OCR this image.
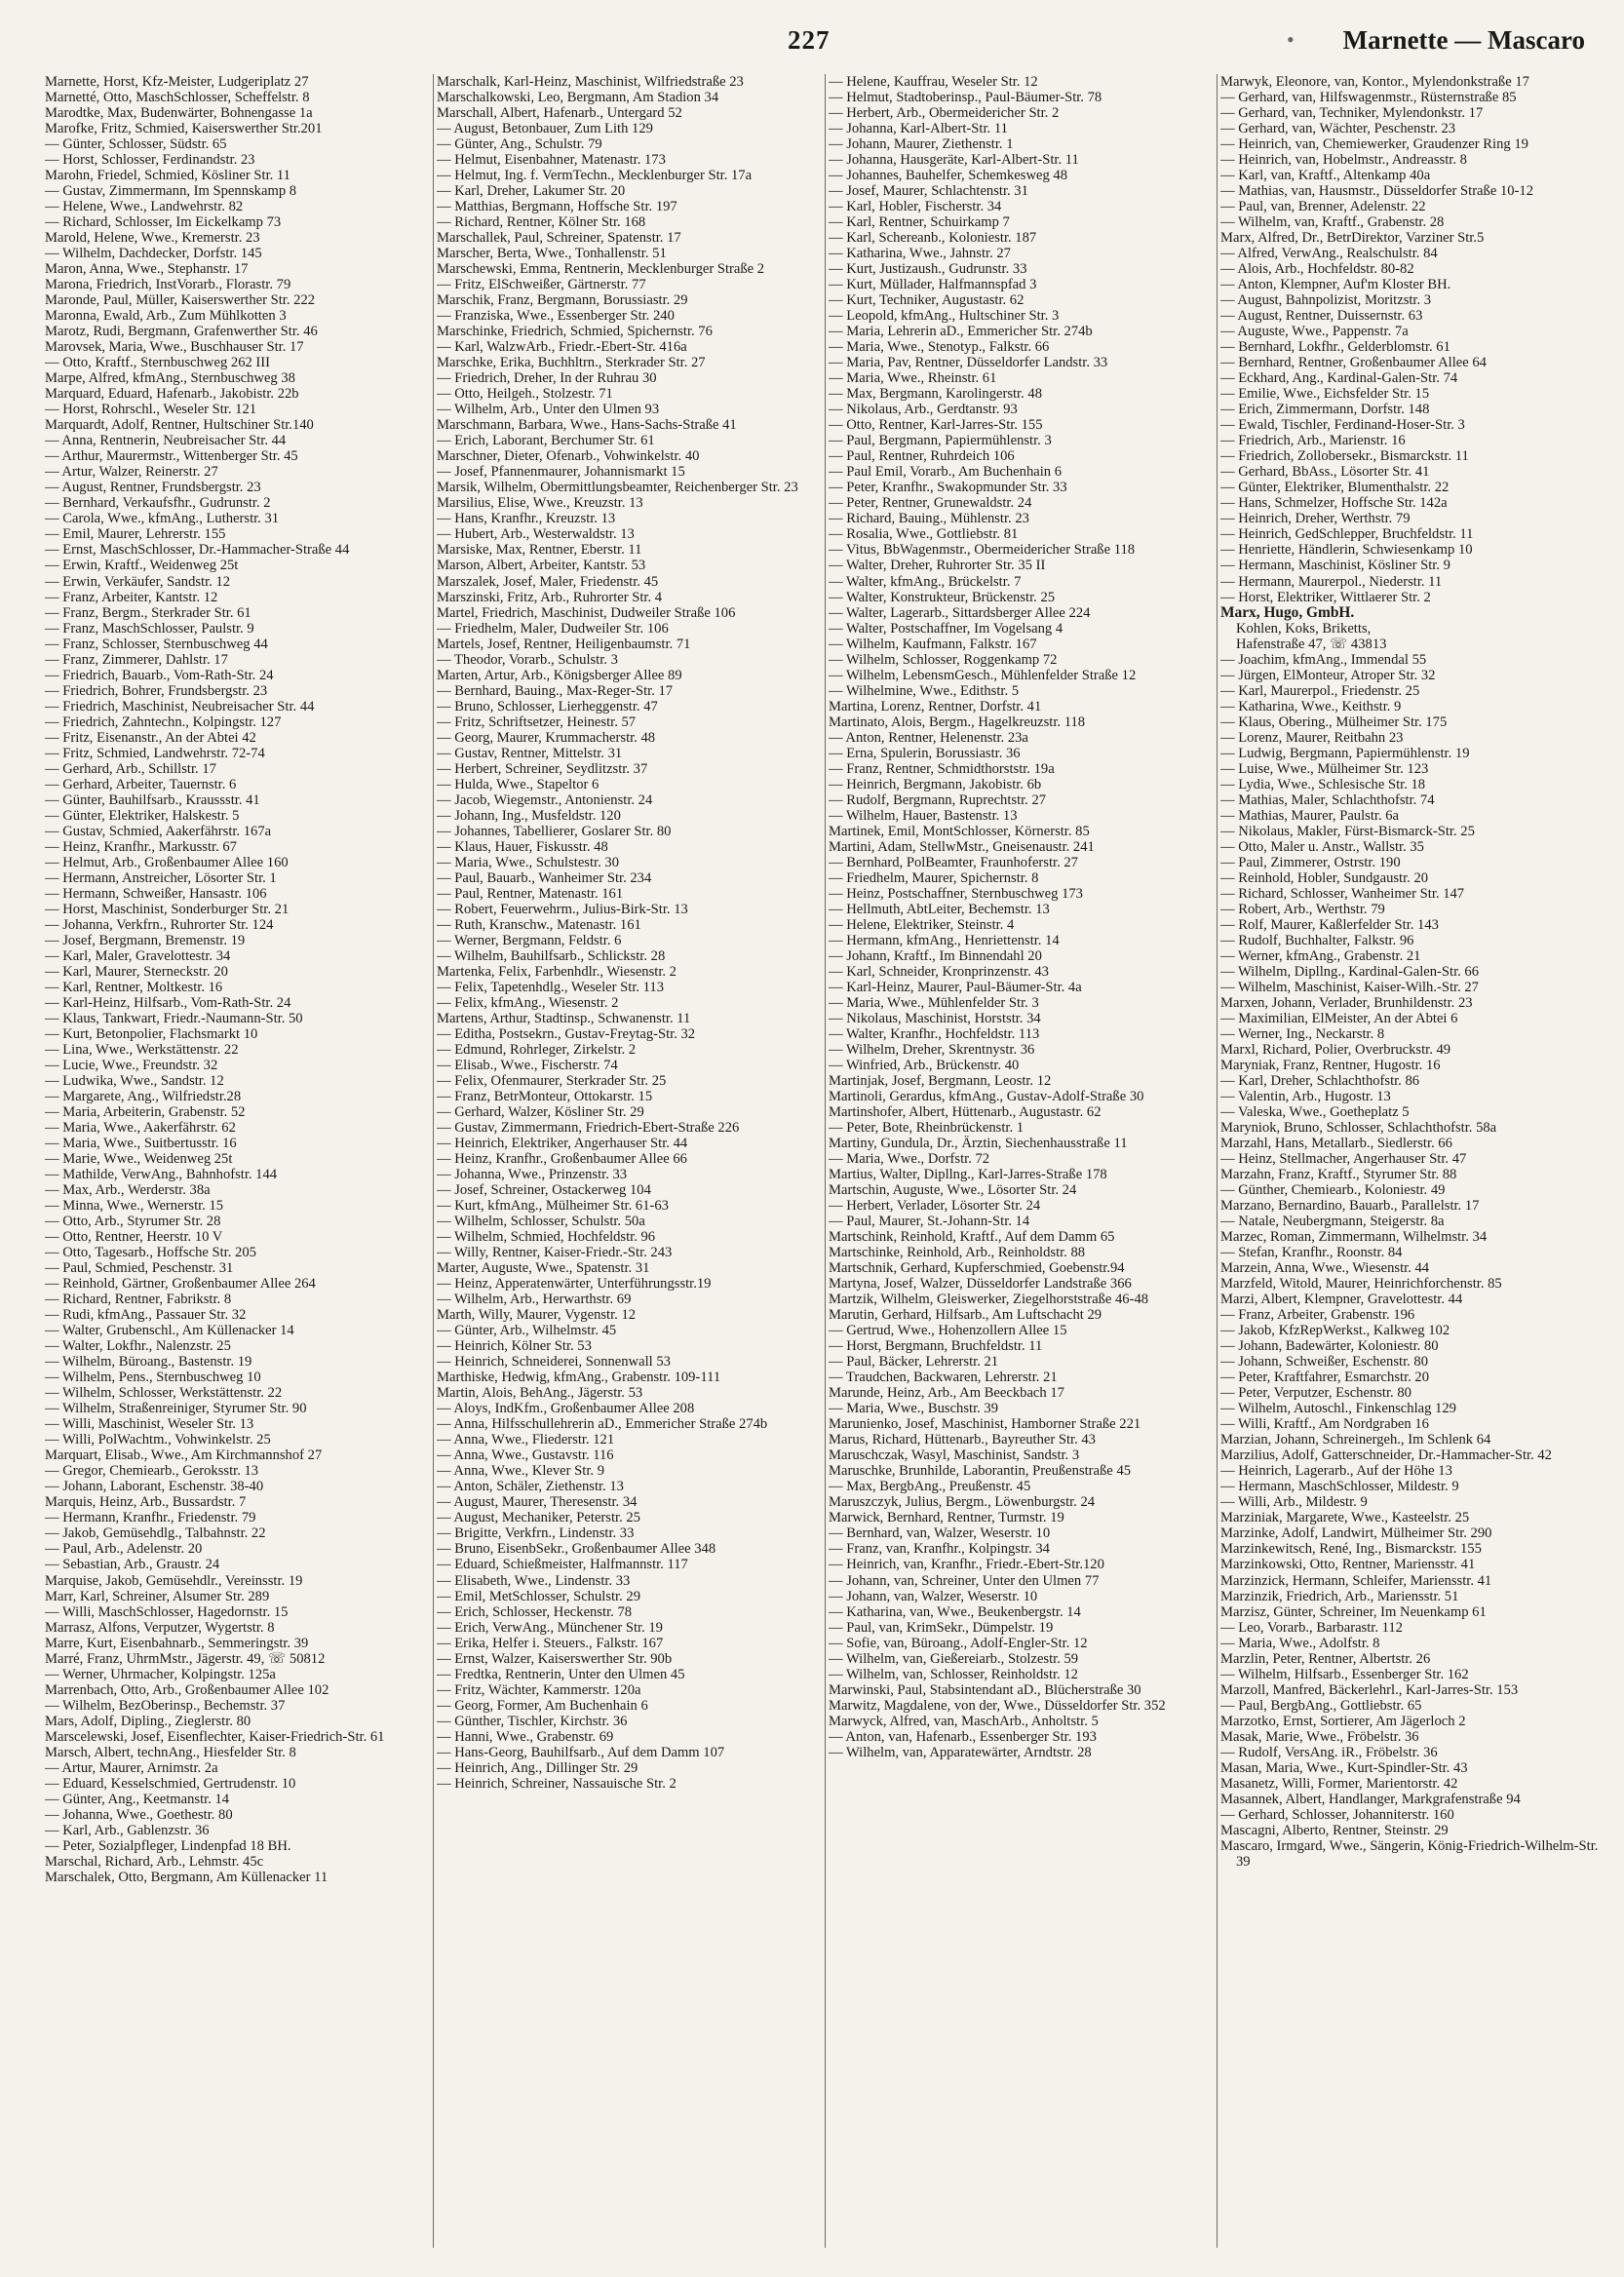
227	• Marnette — Mascaro

Marnette, Horst, Kfz-Meister, Ludgeriplatz 27

Marnetté, Otto, MaschSchlosser, Scheffelstr. 8

Marodtke, Max, Budenwärter, Bohnengasse 1a

Marofke, Fritz, Schmied, Kaiserswerther Str.201

— Günter, Schlosser, Südstr. 65

— Horst, Schlosser, Ferdinandstr. 23

Marohn, Friedel, Schmied, Kösliner Str. 11

— Gustav, Zimmermann, Im Spennskamp 8

— Helene, Wwe., Landwehrstr. 82

— Richard, Schlosser, Im Eickelkamp 73

Marold, Helene, Wwe., Kremerstr. 23

— Wilhelm, Dachdecker, Dorfstr. 145

Maron, Anna, Wwe., Stephanstr. 17

Marona, Friedrich, InstVorarb., Florastr. 79

Maronde, Paul, Müller, Kaiserswerther Str. 222

Maronna, Ewald, Arb., Zum Mühlkotten 3

Marotz, Rudi, Bergmann, Grafenwerther Str. 46

Marovsek, Maria, Wwe., Buschhauser Str. 17

— Otto, Kraftf., Sternbuschweg 262 III

Marpe, Alfred, kfmAng., Sternbuschweg 38

Marquard, Eduard, Hafenarb., Jakobistr. 22b

— Horst, Rohrschl., Weseler Str. 121

Marquardt, Adolf, Rentner, Hultschiner Str.140

— Anna, Rentnerin, Neubreisacher Str. 44

— Arthur, Maurermstr., Wittenberger Str. 45

— Artur, Walzer, Reinerstr. 27

— August, Rentner, Frundsbergstr. 23

— Bernhard, Verkaufsfhr., Gudrunstr. 2

— Carola, Wwe., kfmAng., Lutherstr. 31

— Emil, Maurer, Lehrerstr. 155

— Ernst, MaschSchlosser, Dr.-Hammacher-Straße 44

— Erwin, Kraftf., Weidenweg 25t

— Erwin, Verkäufer, Sandstr. 12

— Franz, Arbeiter, Kantstr. 12

— Franz, Bergm., Sterkrader Str. 61

— Franz, MaschSchlosser, Paulstr. 9

— Franz, Schlosser, Sternbuschweg 44

— Franz, Zimmerer, Dahlstr. 17

— Friedrich, Bauarb., Vom-Rath-Str. 24

— Friedrich, Bohrer, Frundsbergstr. 23

— Friedrich, Maschinist, Neubreisacher Str. 44

— Friedrich, Zahntechn., Kolpingstr. 127

— Fritz, Eisenanstr., An der Abtei 42

— Fritz, Schmied, Landwehrstr. 72-74

— Gerhard, Arb., Schillstr. 17

— Gerhard, Arbeiter, Tauernstr. 6

— Günter, Bauhilfsarb., Kraussstr. 41

— Günter, Elektriker, Halskestr. 5

— Gustav, Schmied, Aakerfährstr. 167a

— Heinz, Kranfhr., Markusstr. 67

— Helmut, Arb., Großenbaumer Allee 160

— Hermann, Anstreicher, Lösorter Str. 1

— Hermann, Schweißer, Hansastr. 106

— Horst, Maschinist, Sonderburger Str. 21

— Johanna, Verkfrn., Ruhrorter Str. 124

— Josef, Bergmann, Bremenstr. 19

— Karl, Maler, Gravelottestr. 34

— Karl, Maurer, Sterneckstr. 20

— Karl, Rentner, Moltkestr. 16

— Karl-Heinz, Hilfsarb., Vom-Rath-Str. 24

— Klaus, Tankwart, Friedr.-Naumann-Str. 50

— Kurt, Betonpolier, Flachsmarkt 10

— Lina, Wwe., Werkstättenstr. 22

— Lucie, Wwe., Freundstr. 32

— Ludwika, Wwe., Sandstr. 12

— Margarete, Ang., Wilfriedstr.28

— Maria, Arbeiterin, Grabenstr. 52

— Maria, Wwe., Aakerfährstr. 62

— Maria, Wwe., Suitbertusstr. 16

— Marie, Wwe., Weidenweg 25t

— Mathilde, VerwAng., Bahnhofstr. 144

— Max, Arb., Werderstr. 38a

— Minna, Wwe., Wernerstr. 15

— Otto, Arb., Styrumer Str. 28

— Otto, Rentner, Heerstr. 10 V

— Otto, Tagesarb., Hoffsche Str. 205

— Paul, Schmied, Peschenstr. 31

— Reinhold, Gärtner, Großenbaumer Allee 264

— Richard, Rentner, Fabrikstr. 8

— Rudi, kfmAng., Passauer Str. 32

— Walter, Grubenschl., Am Küllenacker 14

— Walter, Lokfhr., Nalenzstr. 25

— Wilhelm, Büroang., Bastenstr. 19

— Wilhelm, Pens., Sternbuschweg 10

— Wilhelm, Schlosser, Werkstättenstr. 22

— Wilhelm, Straßenreiniger, Styrumer Str. 90

— Willi, Maschinist, Weseler Str. 13

— Willi, PolWachtm., Vohwinkelstr. 25

Marquart, Elisab., Wwe., Am Kirchmannshof 27

— Gregor, Chemiearb., Geroksstr. 13

— Johann, Laborant, Eschenstr. 38-40

Marquis, Heinz, Arb., Bussardstr. 7

— Hermann, Kranfhr., Friedenstr. 79

— Jakob, Gemüsehdlg., Talbahnstr. 22

— Paul, Arb., Adelenstr. 20

— Sebastian, Arb., Graustr. 24

Marquise, Jakob, Gemüsehdlr., Vereinsstr. 19

Marr, Karl, Schreiner, Alsumer Str. 289

— Willi, MaschSchlosser, Hagedornstr. 15

Marrasz, Alfons, Verputzer, Wygertstr. 8

Marre, Kurt, Eisenbahnarb., Semmeringstr. 39

Marré, Franz, UhrmMstr., Jägerstr. 49, ☏ 50812

— Werner, Uhrmacher, Kolpingstr. 125a

Marrenbach, Otto, Arb., Großenbaumer Allee 102

— Wilhelm, BezOberinsp., Bechemstr. 37

Mars, Adolf, Dipling., Zieglerstr. 80

Marscelewski, Josef, Eisenflechter, Kaiser-Friedrich-Str. 61

Marsch, Albert, technAng., Hiesfelder Str. 8

— Artur, Maurer, Arnimstr. 2a

— Eduard, Kesselschmied, Gertrudenstr. 10

— Günter, Ang., Keetmanstr. 14

— Johanna, Wwe., Goethestr. 80

— Karl, Arb., Gablenzstr. 36

— Peter, Sozialpfleger, Lindenpfad 18 BH.

Marschal, Richard, Arb., Lehmstr. 45c

Marschalek, Otto, Bergmann, Am Küllenacker 11

Marschalk, Karl-Heinz, Maschinist, Wilfriedstraße 23

Marschalkowski, Leo, Bergmann, Am Stadion 34

Marschall, Albert, Hafenarb., Untergard 52

— August, Betonbauer, Zum Lith 129

— Günter, Ang., Schulstr. 79

— Helmut, Eisenbahner, Matenastr. 173

— Helmut, Ing. f. VermTechn., Mecklenburger Str. 17a

— Karl, Dreher, Lakumer Str. 20

— Matthias, Bergmann, Hoffsche Str. 197

— Richard, Rentner, Kölner Str. 168

Marschallek, Paul, Schreiner, Spatenstr. 17

Marscher, Berta, Wwe., Tonhallenstr. 51

Marschewski, Emma, Rentnerin, Mecklenburger Straße 2

— Fritz, ElSchweißer, Gärtnerstr. 77

Marschik, Franz, Bergmann, Borussiastr. 29

— Franziska, Wwe., Essenberger Str. 240

Marschinke, Friedrich, Schmied, Spichernstr. 76

— Karl, WalzwArb., Friedr.-Ebert-Str. 416a

Marschke, Erika, Buchhltrn., Sterkrader Str. 27

— Friedrich, Dreher, In der Ruhrau 30

— Otto, Heilgeh., Stolzestr. 71

— Wilhelm, Arb., Unter den Ulmen 93

Marschmann, Barbara, Wwe., Hans-Sachs-Straße 41

— Erich, Laborant, Berchumer Str. 61

Marschner, Dieter, Ofenarb., Vohwinkelstr. 40

— Josef, Pfannenmaurer, Johannismarkt 15

Marsik, Wilhelm, Obermittlungsbeamter, Reichenberger Str. 23

Marsilius, Elise, Wwe., Kreuzstr. 13

— Hans, Kranfhr., Kreuzstr. 13

— Hubert, Arb., Westerwaldstr. 13

Marsiske, Max, Rentner, Eberstr. 11

Marson, Albert, Arbeiter, Kantstr. 53

Marszalek, Josef, Maler, Friedenstr. 45

Marszinski, Fritz, Arb., Ruhrorter Str. 4

Martel, Friedrich, Maschinist, Dudweiler Straße 106

— Friedhelm, Maler, Dudweiler Str. 106

Martels, Josef, Rentner, Heiligenbaumstr. 71

— Theodor, Vorarb., Schulstr. 3

Marten, Artur, Arb., Königsberger Allee 89

— Bernhard, Bauing., Max-Reger-Str. 17

— Bruno, Schlosser, Lierheggenstr. 47

— Fritz, Schriftsetzer, Heinestr. 57

— Georg, Maurer, Krummacherstr. 48

— Gustav, Rentner, Mittelstr. 31

— Herbert, Schreiner, Seydlitzstr. 37

— Hulda, Wwe., Stapeltor 6

— Jacob, Wiegemstr., Antonienstr. 24

— Johann, Ing., Musfeldstr. 120

— Johannes, Tabellierer, Goslarer Str. 80

— Klaus, Hauer, Fiskusstr. 48

— Maria, Wwe., Schulstestr. 30

— Paul, Bauarb., Wanheimer Str. 234

— Paul, Rentner, Matenastr. 161

— Robert, Feuerwehrm., Julius-Birk-Str. 13

— Ruth, Kranschw., Matenastr. 161

— Werner, Bergmann, Feldstr. 6

— Wilhelm, Bauhilfsarb., Schlickstr. 28

Martenka, Felix, Farbenhdlr., Wiesenstr. 2

— Felix, Tapetenhdlg., Weseler Str. 113

— Felix, kfmAng., Wiesenstr. 2

Martens, Arthur, Stadtinsp., Schwanenstr. 11

— Editha, Postsekrn., Gustav-Freytag-Str. 32

— Edmund, Rohrleger, Zirkelstr. 2

— Elisab., Wwe., Fischerstr. 74

— Felix, Ofenmaurer, Sterkrader Str. 25

— Franz, BetrMonteur, Ottokarstr. 15

— Gerhard, Walzer, Kösliner Str. 29

— Gustav, Zimmermann, Friedrich-Ebert-Straße 226

— Heinrich, Elektriker, Angerhauser Str. 44

— Heinz, Kranfhr., Großenbaumer Allee 66

— Johanna, Wwe., Prinzenstr. 33

— Josef, Schreiner, Ostackerweg 104

— Kurt, kfmAng., Mülheimer Str. 61-63

— Wilhelm, Schlosser, Schulstr. 50a

— Wilhelm, Schmied, Hochfeldstr. 96

— Willy, Rentner, Kaiser-Friedr.-Str. 243

Marter, Auguste, Wwe., Spatenstr. 31

— Heinz, Apperatenwärter, Unterführungsstr.19

— Wilhelm, Arb., Herwarthstr. 69

Marth, Willy, Maurer, Vygenstr. 12

— Günter, Arb., Wilhelmstr. 45

— Heinrich, Kölner Str. 53

— Heinrich, Schneiderei, Sonnenwall 53

Marthiske, Hedwig, kfmAng., Grabenstr. 109-111

Martin, Alois, BehAng., Jägerstr. 53

— Aloys, IndKfm., Großenbaumer Allee 208

— Anna, Hilfsschullehrerin aD., Emmericher Straße 274b

— Anna, Wwe., Fliederstr. 121

— Anna, Wwe., Gustavstr. 116

— Anna, Wwe., Klever Str. 9

— Anton, Schäler, Ziethenstr. 13

— August, Maurer, Theresenstr. 34

— August, Mechaniker, Peterstr. 25

— Brigitte, Verkfrn., Lindenstr. 33

— Bruno, EisenbSekr., Großenbaumer Allee 348

— Eduard, Schießmeister, Halfmannstr. 117

— Elisabeth, Wwe., Lindenstr. 33

— Emil, MetSchlosser, Schulstr. 29

— Erich, Schlosser, Heckenstr. 78

— Erich, VerwAng., Münchener Str. 19

— Erika, Helfer i. Steuers., Falkstr. 167

— Ernst, Walzer, Kaiserswerther Str. 90b

— Fredtka, Rentnerin, Unter den Ulmen 45

— Fritz, Wächter, Kammerstr. 120a

— Georg, Former, Am Buchenhain 6

— Günther, Tischler, Kirchstr. 36

— Hanni, Wwe., Grabenstr. 69

— Hans-Georg, Bauhilfsarb., Auf dem Damm 107

— Heinrich, Ang., Dillinger Str. 29

— Heinrich, Schreiner, Nassauische Str. 2

— Helene, Kauffrau, Weseler Str. 12

— Helmut, Stadtoberinsp., Paul-Bäumer-Str. 78

— Herbert, Arb., Obermeidericher Str. 2

— Johanna, Karl-Albert-Str. 11

— Johann, Maurer, Ziethenstr. 1

— Johanna, Hausgeräte, Karl-Albert-Str. 11

— Johannes, Bauhelfer, Schemkesweg 48

— Josef, Maurer, Schlachtenstr. 31

— Karl, Hobler, Fischerstr. 34

— Karl, Rentner, Schuirkamp 7

— Karl, Schereanb., Koloniestr. 187

— Katharina, Wwe., Jahnstr. 27

— Kurt, Justizaush., Gudrunstr. 33

— Kurt, Müllader, Halfmannspfad 3

— Kurt, Techniker, Augustastr. 62

— Leopold, kfmAng., Hultschiner Str. 3

— Maria, Lehrerin aD., Emmericher Str. 274b

— Maria, Wwe., Stenotyp., Falkstr. 66

— Maria, Pav, Rentner, Düsseldorfer Landstr. 33

— Maria, Wwe., Rheinstr. 61

— Max, Bergmann, Karolingerstr. 48

— Nikolaus, Arb., Gerdtanstr. 93

— Otto, Rentner, Karl-Jarres-Str. 155

— Paul, Bergmann, Papiermühlenstr. 3

— Paul, Rentner, Ruhrdeich 106

— Paul Emil, Vorarb., Am Buchenhain 6

— Peter, Kranfhr., Swakopmunder Str. 33

— Peter, Rentner, Grunewaldstr. 24

— Richard, Bauing., Mühlenstr. 23

— Rosalia, Wwe., Gottliebstr. 81

— Vitus, BbWagenmstr., Obermeidericher Straße 118

— Walter, Dreher, Ruhrorter Str. 35 II

— Walter, kfmAng., Brückelstr. 7

— Walter, Konstrukteur, Brückenstr. 25

— Walter, Lagerarb., Sittardsberger Allee 224

— Walter, Postschaffner, Im Vogelsang 4

— Wilhelm, Kaufmann, Falkstr. 167

— Wilhelm, Schlosser, Roggenkamp 72

— Wilhelm, LebensmGesch., Mühlenfelder Straße 12

— Wilhelmine, Wwe., Edithstr. 5

Martina, Lorenz, Rentner, Dorfstr. 41

Martinato, Alois, Bergm., Hagelkreuzstr. 118

— Anton, Rentner, Helenenstr. 23a

— Erna, Spulerin, Borussiastr. 36

— Franz, Rentner, Schmidthorststr. 19a

— Heinrich, Bergmann, Jakobistr. 6b

— Rudolf, Bergmann, Ruprechtstr. 27

— Wilhelm, Hauer, Bastenstr. 13

Martinek, Emil, MontSchlosser, Körnerstr. 85

Martini, Adam, StellwMstr., Gneisenaustr. 241

— Bernhard, PolBeamter, Fraunhoferstr. 27

— Friedhelm, Maurer, Spichernstr. 8

— Heinz, Postschaffner, Sternbuschweg 173

— Hellmuth, AbtLeiter, Bechemstr. 13

— Helene, Elektriker, Steinstr. 4

— Hermann, kfmAng., Henriettenstr. 14

— Johann, Kraftf., Im Binnendahl 20

— Karl, Schneider, Kronprinzenstr. 43

— Karl-Heinz, Maurer, Paul-Bäumer-Str. 4a

— Maria, Wwe., Mühlenfelder Str. 3

— Nikolaus, Maschinist, Horststr. 34

— Walter, Kranfhr., Hochfeldstr. 113

— Wilhelm, Dreher, Skrentnystr. 36

— Winfried, Arb., Brückenstr. 40

Martinjak, Josef, Bergmann, Leostr. 12

Martinoli, Gerardus, kfmAng., Gustav-Adolf-Straße 30

Martinshofer, Albert, Hüttenarb., Augustastr. 62

— Peter, Bote, Rheinbrückenstr. 1

Martiny, Gundula, Dr., Ärztin, Siechenhausstraße 11

— Maria, Wwe., Dorfstr. 72

Martius, Walter, Dipllng., Karl-Jarres-Straße 178

Martschin, Auguste, Wwe., Lösorter Str. 24

— Herbert, Verlader, Lösorter Str. 24

— Paul, Maurer, St.-Johann-Str. 14

Martschink, Reinhold, Kraftf., Auf dem Damm 65

Martschinke, Reinhold, Arb., Reinholdstr. 88

Martschnik, Gerhard, Kupferschmied, Goebenstr.94

Martyna, Josef, Walzer, Düsseldorfer Landstraße 366

Martzik, Wilhelm, Gleiswerker, Ziegelhorststraße 46-48

Marutin, Gerhard, Hilfsarb., Am Luftschacht 29

— Gertrud, Wwe., Hohenzollern Allee 15

— Horst, Bergmann, Bruchfeldstr. 11

— Paul, Bäcker, Lehrerstr. 21

— Traudchen, Backwaren, Lehrerstr. 21

Marunde, Heinz, Arb., Am Beeckbach 17

— Maria, Wwe., Buschstr. 39

Marunienko, Josef, Maschinist, Hamborner Straße 221

Marus, Richard, Hüttenarb., Bayreuther Str. 43

Maruschczak, Wasyl, Maschinist, Sandstr. 3

Maruschke, Brunhilde, Laborantin, Preußenstraße 45

— Max, BergbAng., Preußenstr. 45

Maruszczyk, Julius, Bergm., Löwenburgstr. 24

Marwick, Bernhard, Rentner, Turmstr. 19

— Bernhard, van, Walzer, Weserstr. 10

— Franz, van, Kranfhr., Kolpingstr. 34

— Heinrich, van, Kranfhr., Friedr.-Ebert-Str.120

— Johann, van, Schreiner, Unter den Ulmen 77

— Johann, van, Walzer, Weserstr. 10

— Katharina, van, Wwe., Beukenbergstr. 14

— Paul, van, KrimSekr., Dümpelstr. 19

— Sofie, van, Büroang., Adolf-Engler-Str. 12

— Wilhelm, van, Gießereiarb., Stolzestr. 59

— Wilhelm, van, Schlosser, Reinholdstr. 12

Marwinski, Paul, Stabsintendant aD., Blücherstraße 30

Marwitz, Magdalene, von der, Wwe., Düsseldorfer Str. 352

Marwyck, Alfred, van, MaschArb., Anholtstr. 5

— Anton, van, Hafenarb., Essenberger Str. 193

— Wilhelm, van, Apparatewärter, Arndtstr. 28

Marwyk, Eleonore, van, Kontor., Mylendonkstraße 17

— Gerhard, van, Hilfswagenmstr., Rüsternstraße 85

— Gerhard, van, Techniker, Mylendonkstr. 17

— Gerhard, van, Wächter, Peschenstr. 23

— Heinrich, van, Chemiewerker, Graudenzer Ring 19

— Heinrich, van, Hobelmstr., Andreasstr. 8

— Karl, van, Kraftf., Altenkamp 40a

— Mathias, van, Hausmstr., Düsseldorfer Straße 10-12

— Paul, van, Brenner, Adelenstr. 22

— Wilhelm, van, Kraftf., Grabenstr. 28

Marx, Alfred, Dr., BetrDirektor, Varziner Str.5

— Alfred, VerwAng., Realschulstr. 84

— Alois, Arb., Hochfeldstr. 80-82

— Anton, Klempner, Auf'm Kloster BH.

— August, Bahnpolizist, Moritzstr. 3

— August, Rentner, Duissernstr. 63

— Auguste, Wwe., Pappenstr. 7a

— Bernhard, Lokfhr., Gelderblomstr. 61

— Bernhard, Rentner, Großenbaumer Allee 64

— Eckhard, Ang., Kardinal-Galen-Str. 74

— Emilie, Wwe., Eichsfelder Str. 15

— Erich, Zimmermann, Dorfstr. 148

— Ewald, Tischler, Ferdinand-Hoser-Str. 3

— Friedrich, Arb., Marienstr. 16

— Friedrich, Zollobersekr., Bismarckstr. 11

— Gerhard, BbAss., Lösorter Str. 41

— Günter, Elektriker, Blumenthalstr. 22

— Hans, Schmelzer, Hoffsche Str. 142a

— Heinrich, Dreher, Werthstr. 79

— Heinrich, GedSchlepper, Bruchfeldstr. 11

— Henriette, Händlerin, Schwiesenkamp 10

— Hermann, Maschinist, Kösliner Str. 9

— Hermann, Maurerpol., Niederstr. 11

— Horst, Elektriker, Wittlaerer Str. 2

Marx, Hugo, GmbH.

Kohlen, Koks, Briketts,

Hafenstraße 47, ☏ 43813

— Joachim, kfmAng., Immendal 55

— Jürgen, ElMonteur, Atroper Str. 32

— Karl, Maurerpol., Friedenstr. 25

— Katharina, Wwe., Keithstr. 9

— Klaus, Obering., Mülheimer Str. 175

— Lorenz, Maurer, Reitbahn 23

— Ludwig, Bergmann, Papiermühlenstr. 19

— Luise, Wwe., Mülheimer Str. 123

— Lydia, Wwe., Schlesische Str. 18

— Mathias, Maler, Schlachthofstr. 74

— Mathias, Maurer, Paulstr. 6a

— Nikolaus, Makler, Fürst-Bismarck-Str. 25

— Otto, Maler u. Anstr., Wallstr. 35

— Paul, Zimmerer, Ostrstr. 190

— Reinhold, Hobler, Sundgaustr. 20

— Richard, Schlosser, Wanheimer Str. 147

— Robert, Arb., Werthstr. 79

— Rolf, Maurer, Kaßlerfelder Str. 143

— Rudolf, Buchhalter, Falkstr. 96

— Werner, kfmAng., Grabenstr. 21

— Wilhelm, Dipllng., Kardinal-Galen-Str. 66

— Wilhelm, Maschinist, Kaiser-Wilh.-Str. 27

Marxen, Johann, Verlader, Brunhildenstr. 23

— Maximilian, ElMeister, An der Abtei 6

— Werner, Ing., Neckarstr. 8

Marxl, Richard, Polier, Overbruckstr. 49

Maryniak, Franz, Rentner, Hugostr. 16

— Karl, Dreher, Schlachthofstr. 86

— Valentin, Arb., Hugostr. 13

— Valeska, Wwe., Goetheplatz 5

Maryniok, Bruno, Schlosser, Schlachthofstr. 58a

Marzahl, Hans, Metallarb., Siedlerstr. 66

— Heinz, Stellmacher, Angerhauser Str. 47

Marzahn, Franz, Kraftf., Styrumer Str. 88

— Günther, Chemiearb., Koloniestr. 49

Marzano, Bernardino, Bauarb., Parallelstr. 17

— Natale, Neubergmann, Steigerstr. 8a

Marzec, Roman, Zimmermann, Wilhelmstr. 34

— Stefan, Kranfhr., Roonstr. 84

Marzein, Anna, Wwe., Wiesenstr. 44

Marzfeld, Witold, Maurer, Heinrichforchenstr. 85

Marzi, Albert, Klempner, Gravelottestr. 44

— Franz, Arbeiter, Grabenstr. 196

— Jakob, KfzRepWerkst., Kalkweg 102

— Johann, Badewärter, Koloniestr. 80

— Johann, Schweißer, Eschenstr. 80

— Peter, Kraftfahrer, Esmarchstr. 20

— Peter, Verputzer, Eschenstr. 80

— Wilhelm, Autoschl., Finkenschlag 129

— Willi, Kraftf., Am Nordgraben 16

Marzian, Johann, Schreinergeh., Im Schlenk 64

Marzilius, Adolf, Gatterschneider, Dr.-Hammacher-Str. 42

— Heinrich, Lagerarb., Auf der Höhe 13

— Hermann, MaschSchlosser, Mildestr. 9

— Willi, Arb., Mildestr. 9

Marziniak, Margarete, Wwe., Kasteelstr. 25

Marzinke, Adolf, Landwirt, Mülheimer Str. 290

Marzinkewitsch, René, Ing., Bismarckstr. 155

Marzinkowski, Otto, Rentner, Mariensstr. 41

Marzinzick, Hermann, Schleifer, Mariensstr. 41

Marzinzik, Friedrich, Arb., Mariensstr. 51

Marzisz, Günter, Schreiner, Im Neuenkamp 61

— Leo, Vorarb., Barbarastr. 112

— Maria, Wwe., Adolfstr. 8

Marzlin, Peter, Rentner, Albertstr. 26

— Wilhelm, Hilfsarb., Essenberger Str. 162

Marzoll, Manfred, Bäckerlehrl., Karl-Jarres-Str. 153

— Paul, BergbAng., Gottliebstr. 65

Marzotko, Ernst, Sortierer, Am Jägerloch 2

Masak, Marie, Wwe., Fröbelstr. 36

— Rudolf, VersAng. iR., Fröbelstr. 36

Masan, Maria, Wwe., Kurt-Spindler-Str. 43

Masanetz, Willi, Former, Marientorstr. 42

Masannek, Albert, Handlanger, Markgrafenstraße 94

— Gerhard, Schlosser, Johanniterstr. 160

Mascagni, Alberto, Rentner, Steinstr. 29

Mascaro, Irmgard, Wwe., Sängerin, König-Friedrich-Wilhelm-Str. 39
